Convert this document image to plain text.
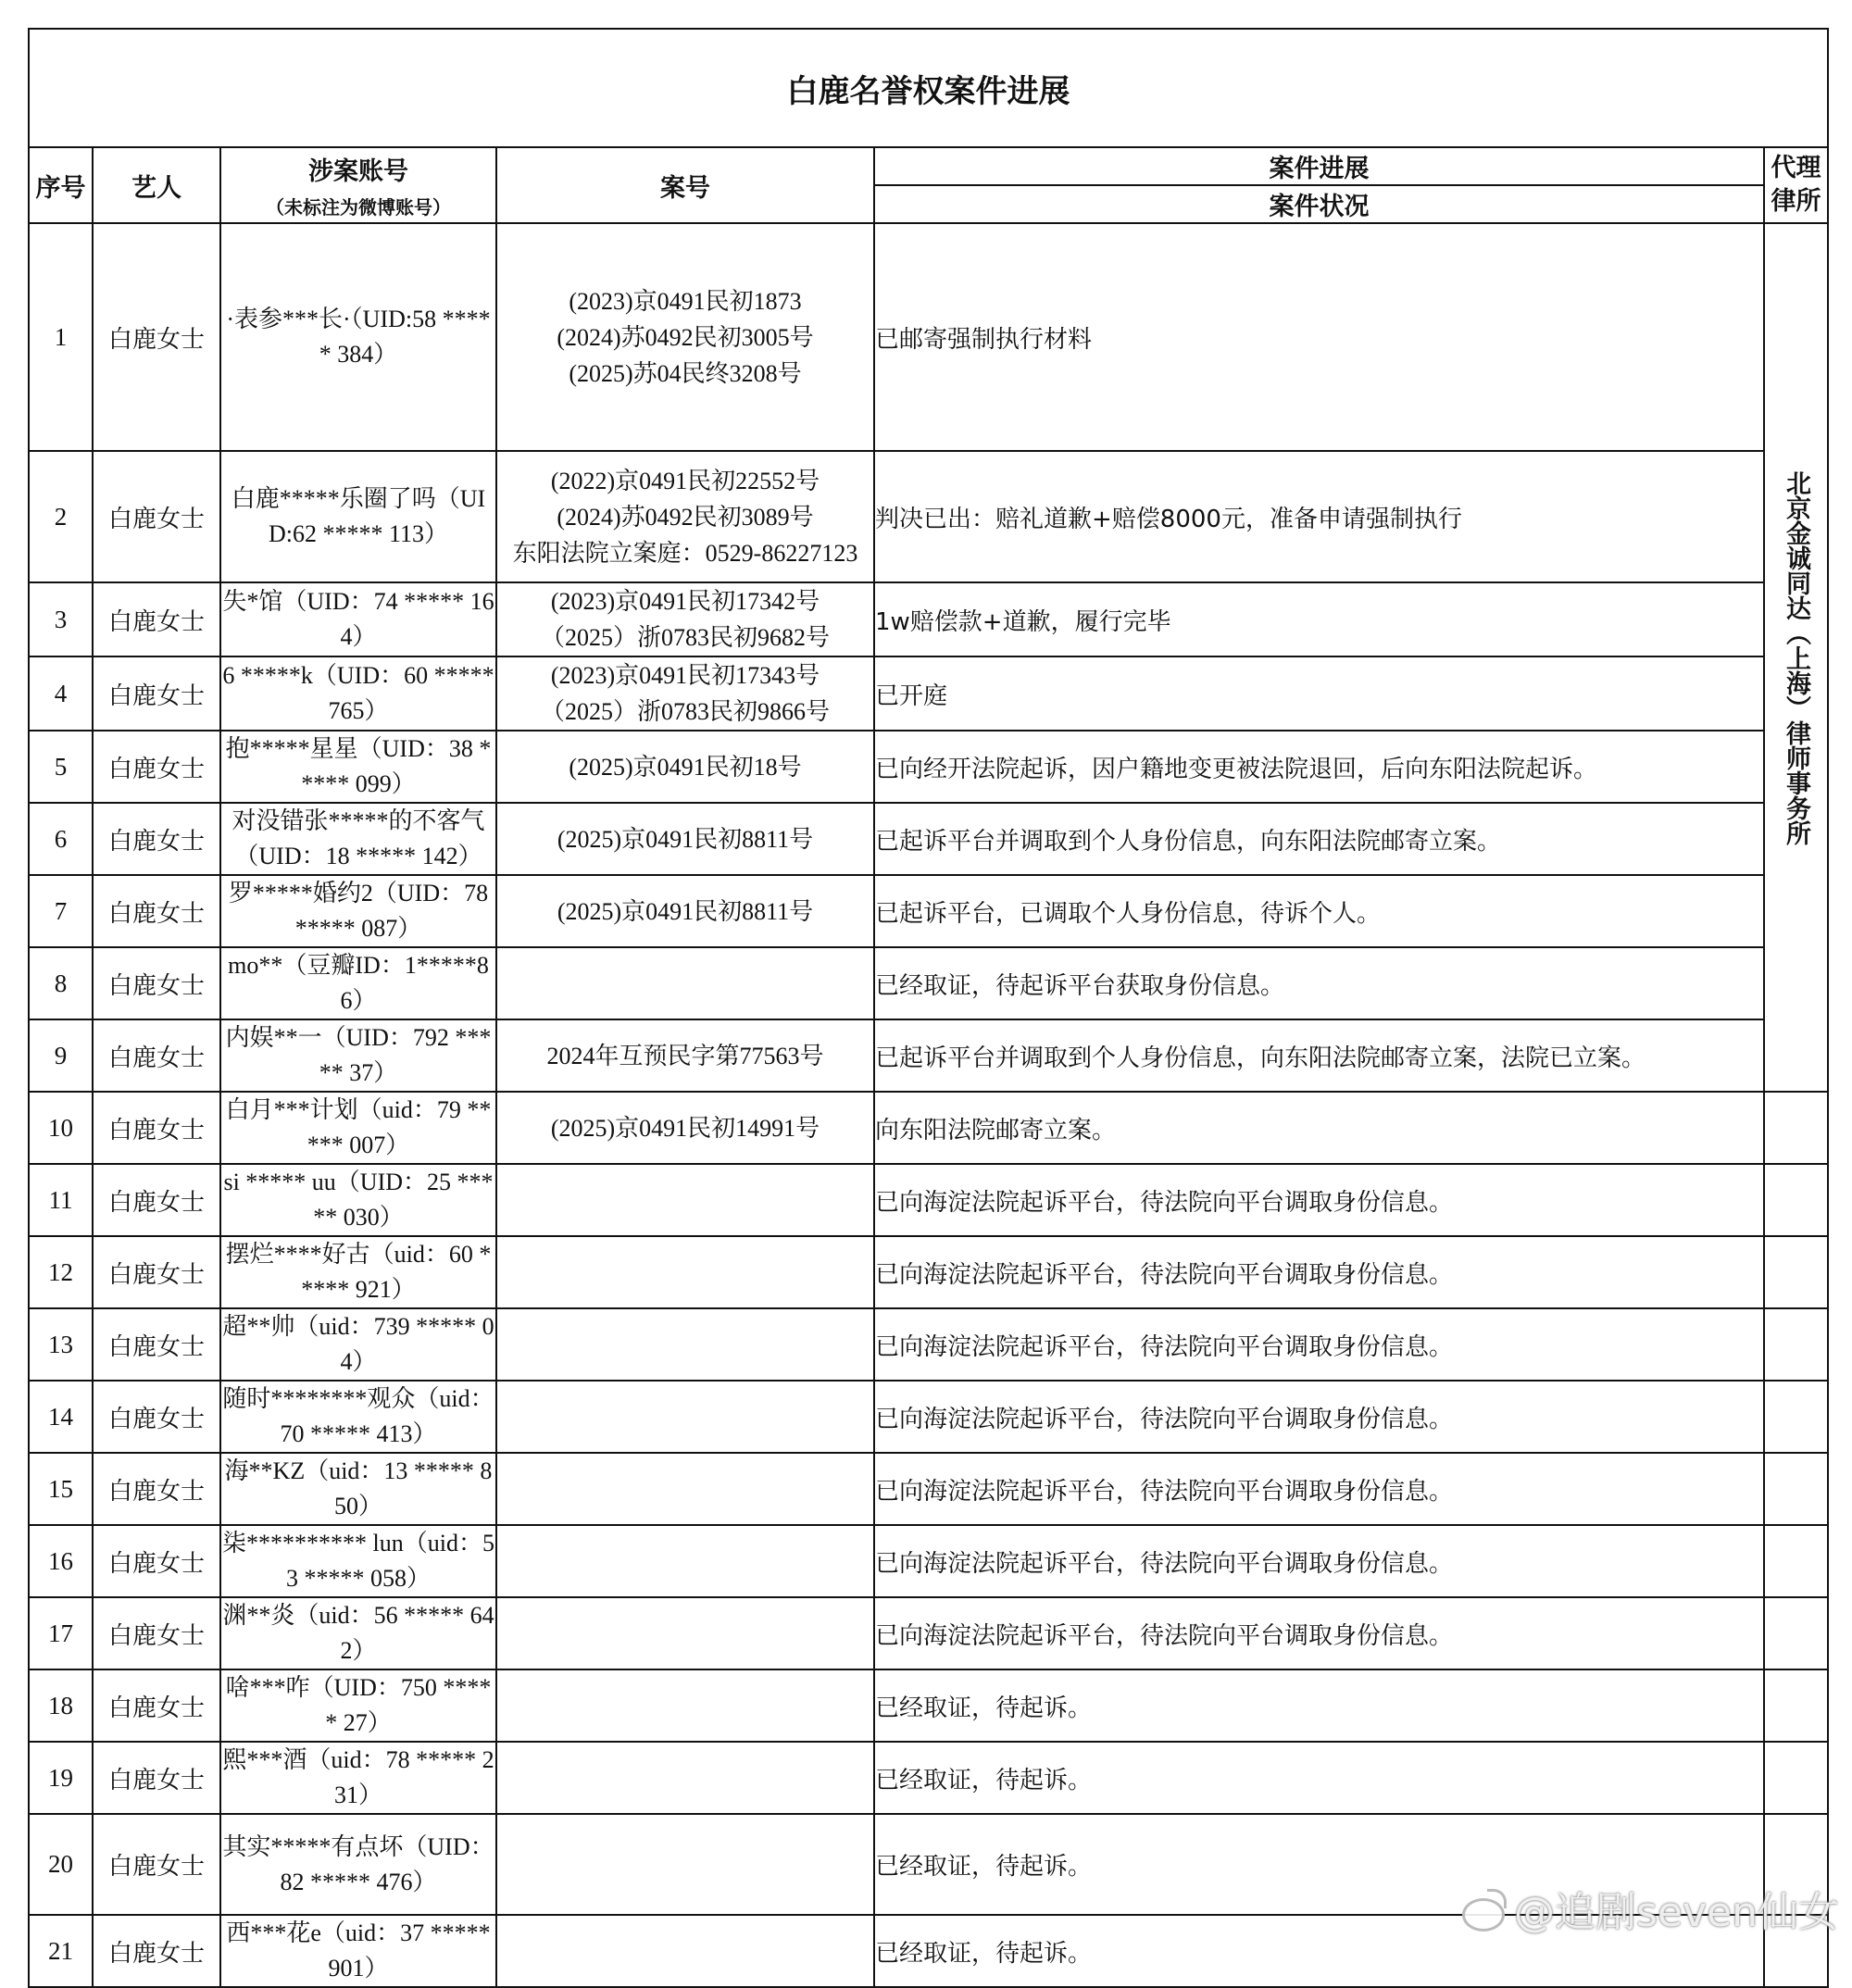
白鹿名誉权案件进展					
序号	艺人	涉案账号
（未标注为微博账号）	案号	案件进展	代理律所
				案件状况	
1	白鹿女士	·表参***长·（UID:58 ***** 384）	(2023)京0491民初1873
(2024)苏0492民初3005号
(2025)苏04民终3208号	已邮寄强制执行材料	北京金诚同达（上海）律师事务所

2	白鹿女士	白鹿*****乐圈了吗（UID:62 ***** 113）	(2022)京0491民初22552号
(2024)苏0492民初3089号
东阳法院立案庭：0529-86227123	判决已出：赔礼道歉+赔偿8000元，准备申请强制执行	
3	白鹿女士	失*馆（UID：74 ***** 164）	(2023)京0491民初17342号
（2025）浙0783民初9682号	1w赔偿款+道歉，履行完毕	
4	白鹿女士	6 *****k（UID：60 ***** 765）	(2023)京0491民初17343号
（2025）浙0783民初9866号	已开庭	
5	白鹿女士	抱*****星星（UID：38 ***** 099）	(2025)京0491民初18号	已向经开法院起诉，因户籍地变更被法院退回，后向东阳法院起诉。	
6	白鹿女士	对没错张*****的不客气（UID：18 ***** 142）	(2025)京0491民初8811号	已起诉平台并调取到个人身份信息，向东阳法院邮寄立案。	
7	白鹿女士	罗*****婚约2（UID：78 ***** 087）	(2025)京0491民初8811号	已起诉平台，已调取个人身份信息，待诉个人。	
8	白鹿女士	mo**（豆瓣ID：1*****86）		已经取证，待起诉平台获取身份信息。	
9	白鹿女士	内娱**一（UID：792 ***** 37）	2024年互预民字第77563号	已起诉平台并调取到个人身份信息，向东阳法院邮寄立案，法院已立案。	
10	白鹿女士	白月***计划（uid：79 ***** 007）	(2025)京0491民初14991号	向东阳法院邮寄立案。	
11	白鹿女士	si ***** uu（UID：25 ***** 030）		已向海淀法院起诉平台，待法院向平台调取身份信息。	
12	白鹿女士	摆烂****好古（uid：60 ***** 921）		已向海淀法院起诉平台，待法院向平台调取身份信息。	
13	白鹿女士	超**帅（uid：739 ***** 04）		已向海淀法院起诉平台，待法院向平台调取身份信息。	
14	白鹿女士	随时********观众（uid：70 ***** 413）		已向海淀法院起诉平台，待法院向平台调取身份信息。	
15	白鹿女士	海**KZ（uid：13 ***** 850）		已向海淀法院起诉平台，待法院向平台调取身份信息。	
16	白鹿女士	柒********** lun（uid：53 ***** 058）		已向海淀法院起诉平台，待法院向平台调取身份信息。	
17	白鹿女士	渊**炎（uid：56 ***** 642）		已向海淀法院起诉平台，待法院向平台调取身份信息。	
18	白鹿女士	啥***咋（UID：750 ***** 27）		已经取证，待起诉。	
19	白鹿女士	熙***酒（uid：78 ***** 231）		已经取证，待起诉。	
20	白鹿女士	其实*****有点坏（UID：82 ***** 476）		已经取证，待起诉。	
21	白鹿女士	西***花e（uid：37 ***** 901）		已经取证，待起诉。	
@追剧seven仙女
